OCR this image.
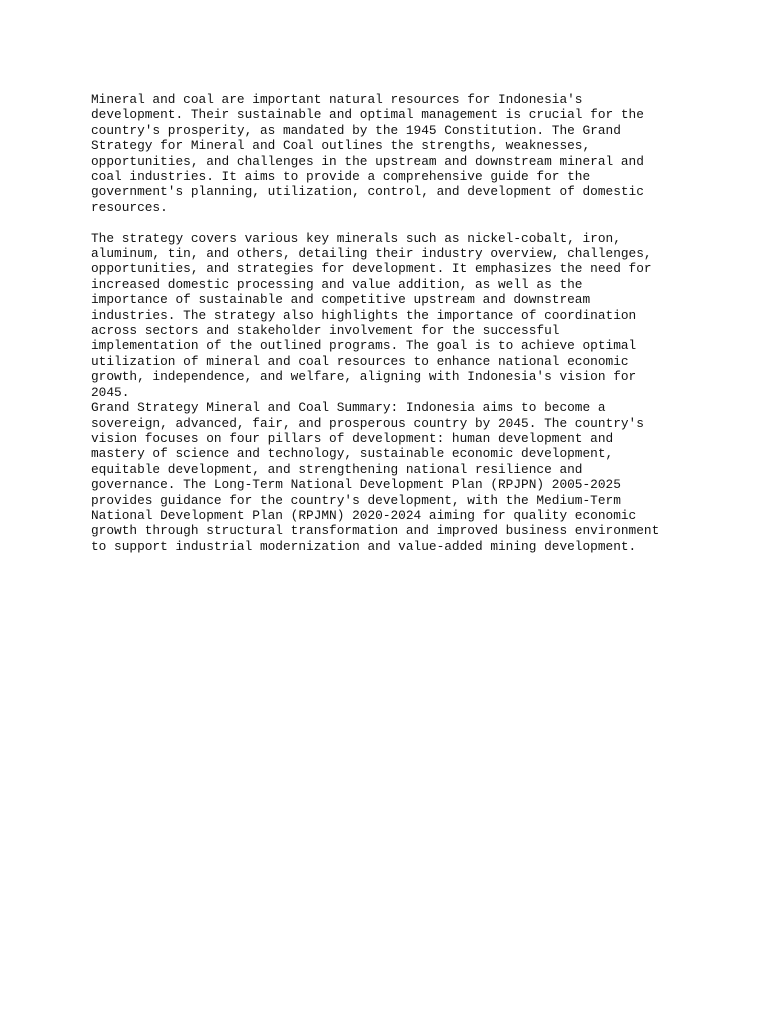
Mineral and coal are important natural resources for Indonesia's
development. Their sustainable and optimal management is crucial for the
country's prosperity, as mandated by the 1945 Constitution. The Grand
Strategy for Mineral and Coal outlines the strengths, weaknesses,
opportunities, and challenges in the upstream and downstream mineral and
coal industries. It aims to provide a comprehensive guide for the
government's planning, utilization, control, and development of domestic
resources.

The strategy covers various key minerals such as nickel-cobalt, iron,
aluminum, tin, and others, detailing their industry overview, challenges,
opportunities, and strategies for development. It emphasizes the need for
increased domestic processing and value addition, as well as the
importance of sustainable and competitive upstream and downstream
industries. The strategy also highlights the importance of coordination
across sectors and stakeholder involvement for the successful
implementation of the outlined programs. The goal is to achieve optimal
utilization of mineral and coal resources to enhance national economic
growth, independence, and welfare, aligning with Indonesia's vision for
2045.

Grand Strategy Mineral and Coal Summary: Indonesia aims to become a
sovereign, advanced, fair, and prosperous country by 2045. The country's
vision focuses on four pillars of development: human development and
mastery of science and technology, sustainable economic development,
equitable development, and strengthening national resilience and
governance. The Long-Term National Development Plan (RPJPN) 2005-2025
provides guidance for the country's development, with the Medium-Term
National Development Plan (RPJMN) 2020-2024 aiming for quality economic
growth through structural transformation and improved business environment
to support industrial modernization and value-added mining development.
